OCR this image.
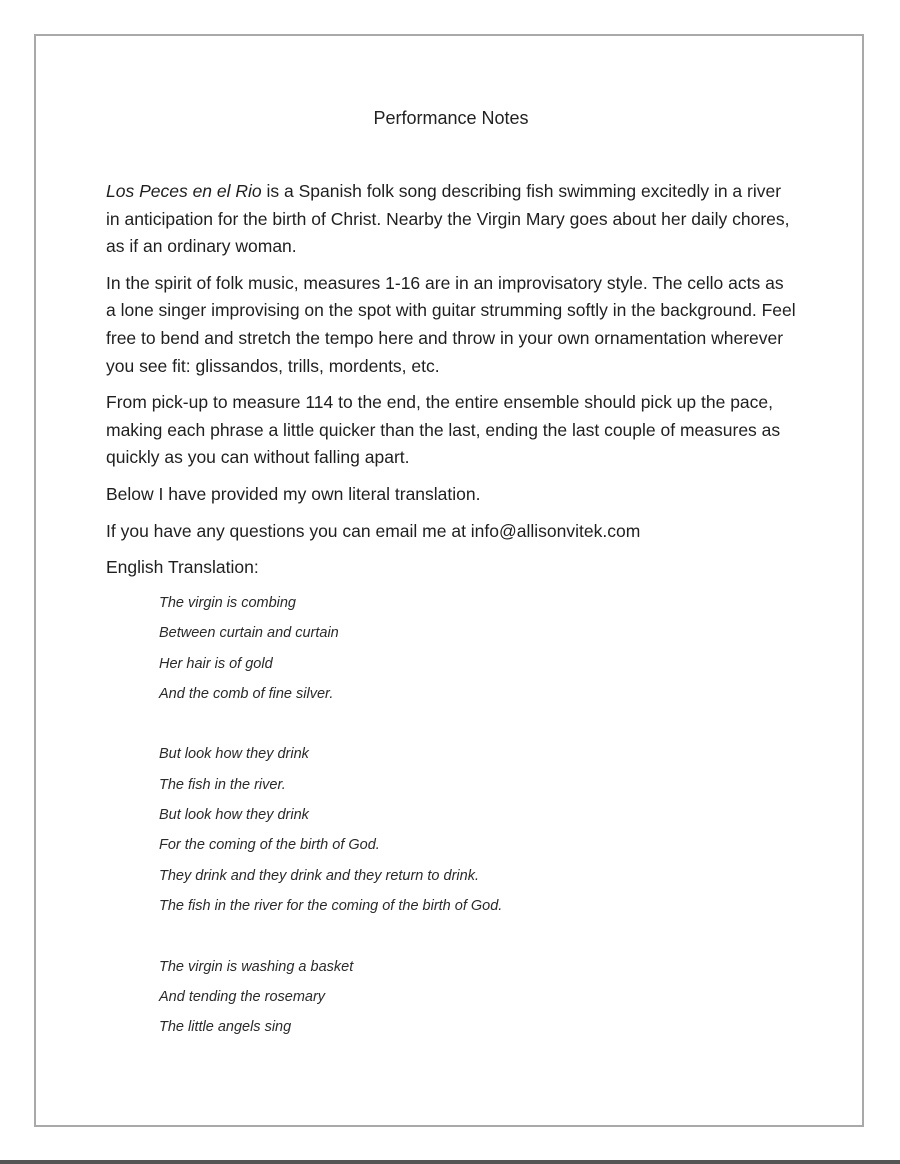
Performance Notes

Los Peces en el Rio is a Spanish folk song describing fish swimming excitedly in a river in anticipation for the birth of Christ. Nearby the Virgin Mary goes about her daily chores, as if an ordinary woman.

In the spirit of folk music, measures 1-16 are in an improvisatory style. The cello acts as a lone singer improvising on the spot with guitar strumming softly in the background. Feel free to bend and stretch the tempo here and throw in your own ornamentation wherever you see fit: glissandos, trills, mordents, etc.

From pick-up to measure 114 to the end, the entire ensemble should pick up the pace, making each phrase a little quicker than the last, ending the last couple of measures as quickly as you can without falling apart.

Below I have provided my own literal translation.

If you have any questions you can email me at info@allisonvitek.com

English Translation:

The virgin is combing
Between curtain and curtain
Her hair is of gold
And the comb of fine silver.
But look how they drink
The fish in the river.
But look how they drink
For the coming of the birth of God.
They drink and they drink and they return to drink.
The fish in the river for the coming of the birth of God.
The virgin is washing a basket
And tending the rosemary
The little angels sing
